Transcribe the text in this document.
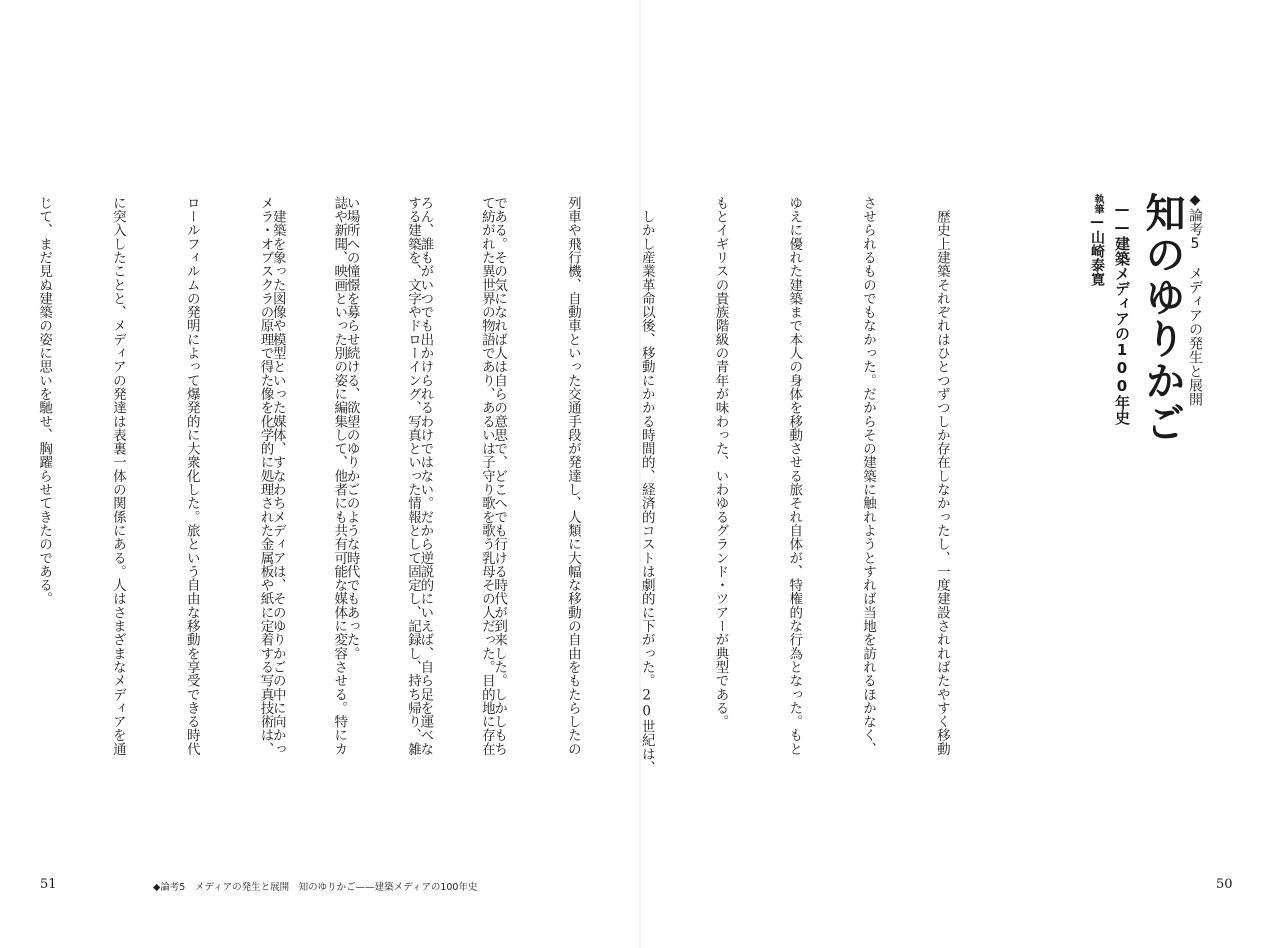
◆論考5　メディアの発生と展開
知のゆりかご
——建築メディアの100年史
執筆—山崎泰寛

　歴史上建築それぞれはひとつずつしか存在しなかったし、一度建設されればたやすく移動

させられるものでもなかった。だからその建築に触れようとすれば当地を訪れるほかなく、

ゆえに優れた建築まで本人の身体を移動させる旅それ自体が、特権的な行為となった。もと

もとイギリスの貴族階級の青年が味わった、いわゆるグランド・ツアーが典型である。

　しかし産業革命以後、移動にかかる時間的、経済的コストは劇的に下がった。20世紀は、

列車や飛行機、自動車といった交通手段が発達し、人類に大幅な移動の自由をもたらしたの

である。その気になれば人は自らの意思で、どこへでも行ける時代が到来した。しかしもち

ろん、誰もがいつでも出かけられるわけではない。だから逆説的にいえば、自ら足を運べな

い場所への憧憬を募らせ続ける、欲望のゆりかごのような時代でもあった。

　建築を象った図像や模型といった媒体、すなわちメディアは、そのゆりかごの中に向かっ

	て紡がれた異世界の物語であり、あるいは子守り歌を歌う乳母その人だった。目的地に存在

する建築を、文字やドローイング、写真といった情報として固定し、記録し、持ち帰り、雑

誌や新聞、映画といった別の姿に編集して、他者にも共有可能な媒体に変容させる。特にカ

メラ・オブスクラの原理で得た像を化学的に処理された金属板や紙に定着する写真技術は、

ロールフィルムの発明によって爆発的に大衆化した。旅という自由な移動を享受できる時代

に突入したことと、メディアの発達は表裏一体の関係にある。人はさまざまなメディアを通

じて、まだ見ぬ建築の姿に思いを馳せ、胸躍らせてきたのである。

51	◆論考5　メディアの発生と展開　知のゆりかご——建築メディアの100年史	50
